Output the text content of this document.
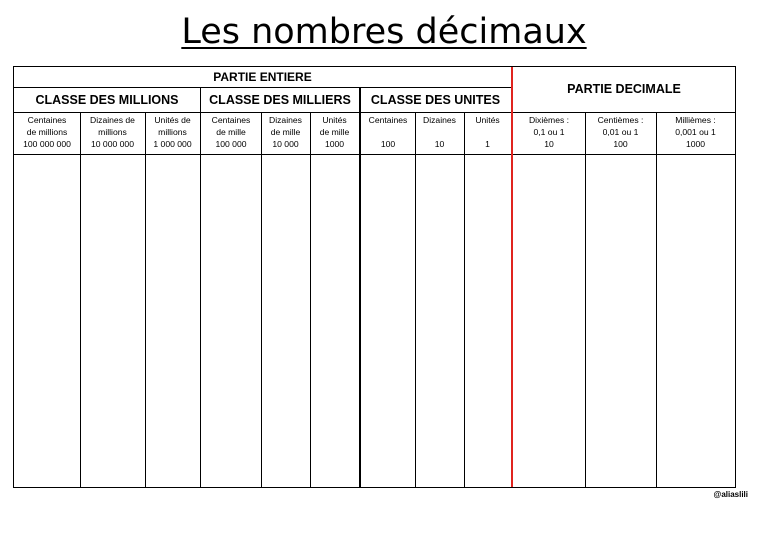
Les nombres décimaux
PARTIE ENTIERE
PARTIE DECIMALE
CLASSE DES MILLIONS	CLASSE DES MILLIERS	CLASSE DES UNITES
Centaines
de millions
100 000 000
Dizaines de
millions
10 000 000
Unités de
millions
1 000 000
Centaines
de mille
100 000
Dizaines
de mille
10 000
Unités
de mille
1000
Centaines
100
Dizaines
10
Unités
1
Dixièmes :
0,1 ou 1
10
Centièmes :
0,01 ou 1
100
Millièmes :
0,001 ou 1
1000
@aliaslili
